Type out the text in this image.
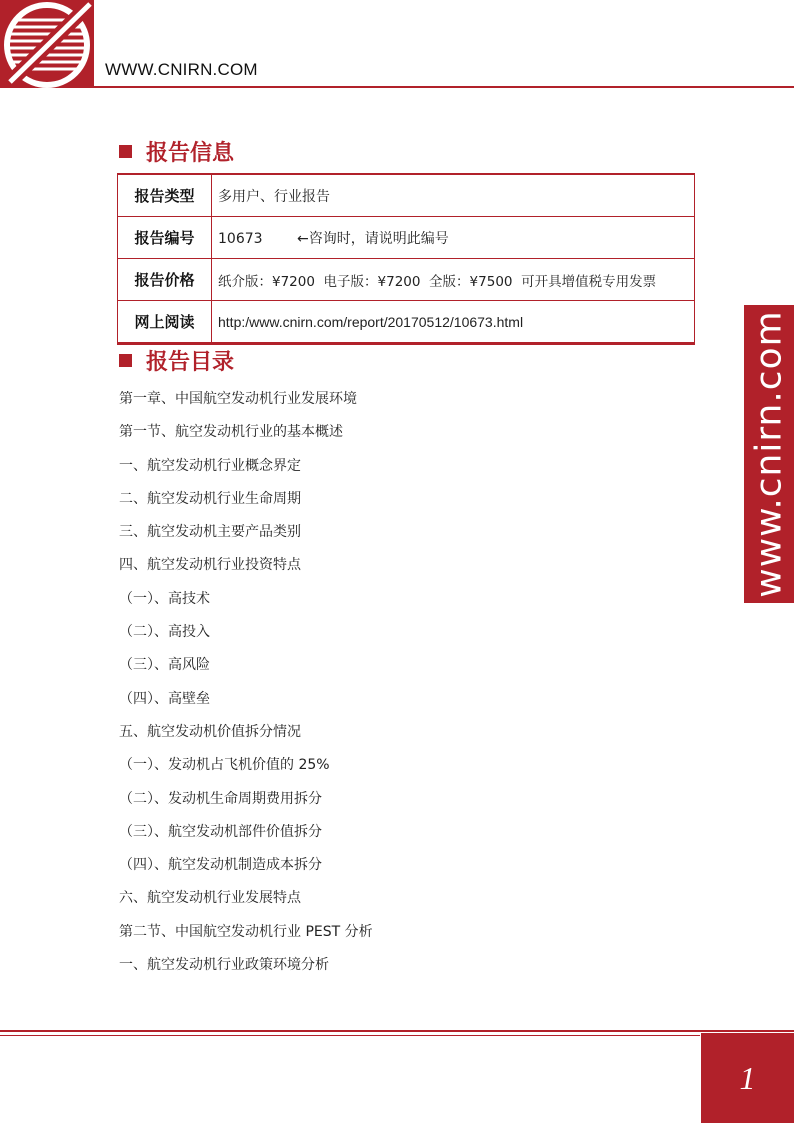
WWW.CNIRN.COM
www.cnirn.com
报告信息
报告类型	多用户、行业报告
报告编号	10673 ←咨询时，请说明此编号
报告价格	纸介版：¥7200  电子版：¥7200  全版：¥7500  可开具增值税专用发票
网上阅读	http:/www.cnirn.com/report/20170512/10673.html
报告目录
第一章、中国航空发动机行业发展环境
第一节、航空发动机行业的基本概述
一、航空发动机行业概念界定
二、航空发动机行业生命周期
三、航空发动机主要产品类别
四、航空发动机行业投资特点
（一）、高技术
（二）、高投入
（三）、高风险
（四）、高壁垒
五、航空发动机价值拆分情况
（一）、发动机占飞机价值的 25%
（二）、发动机生命周期费用拆分
（三）、航空发动机部件价值拆分
（四）、航空发动机制造成本拆分
六、航空发动机行业发展特点
第二节、中国航空发动机行业 PEST 分析
一、航空发动机行业政策环境分析
1
